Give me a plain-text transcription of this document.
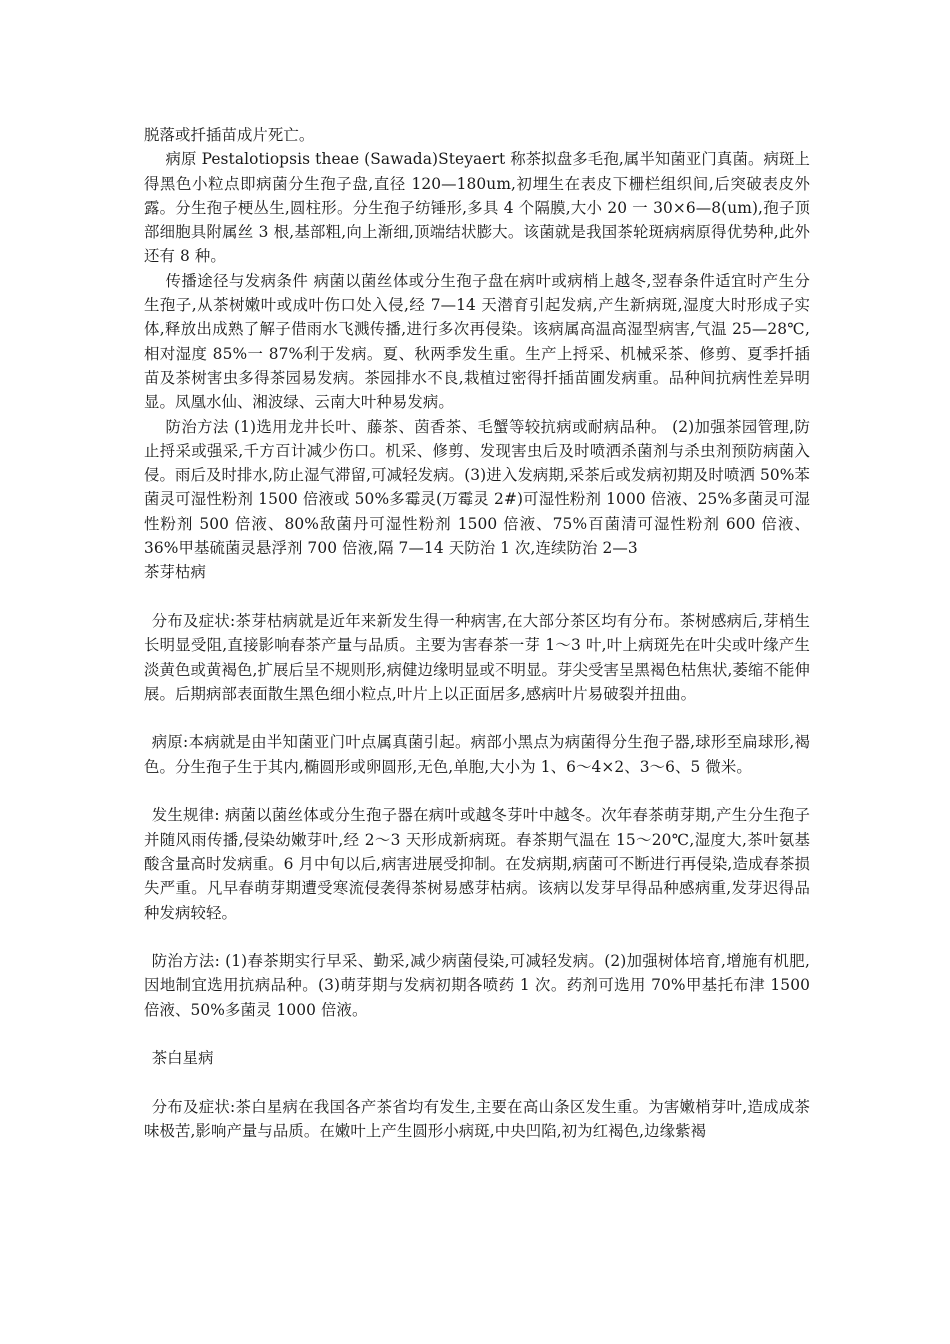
脱落或扦插苗成片死亡。

病原 Pestalotiopsis theae (Sawada)Steyaert 称茶拟盘多毛孢,属半知菌亚门真菌。病斑上得黑色小粒点即病菌分生孢子盘,直径 120—180um,初埋生在表皮下栅栏组织间,后突破表皮外露。分生孢子梗丛生,圆柱形。分生孢子纺锤形,多具 4 个隔膜,大小 20 一 30×6—8(um),孢子顶部细胞具附属丝 3 根,基部粗,向上渐细,顶端结状膨大。该菌就是我国茶轮斑病病原得优势种,此外还有 8 种。

传播途径与发病条件 病菌以菌丝体或分生孢子盘在病叶或病梢上越冬,翌春条件适宜时产生分生孢子,从茶树嫩叶或成叶伤口处入侵,经 7—14 天潜育引起发病,产生新病斑,湿度大时形成子实体,释放出成熟了解子借雨水飞溅传播,进行多次再侵染。该病属高温高湿型病害,气温 25—28℃,相对湿度 85%一 87%利于发病。夏、秋两季发生重。生产上捋采、机械采茶、修剪、夏季扦插苗及茶树害虫多得茶园易发病。茶园排水不良,栽植过密得扦插苗圃发病重。品种间抗病性差异明显。凤凰水仙、湘波绿、云南大叶种易发病。

防治方法 (1)选用龙井长叶、藤茶、茵香茶、毛蟹等较抗病或耐病品种。 (2)加强茶园管理,防止捋采或强采,千方百计减少伤口。机采、修剪、发现害虫后及时喷洒杀菌剂与杀虫剂预防病菌入侵。雨后及时排水,防止湿气滞留,可减轻发病。(3)进入发病期,采茶后或发病初期及时喷洒 50%苯菌灵可湿性粉剂 1500 倍液或 50%多霉灵(万霉灵 2#)可湿性粉剂 1000 倍液、25%多菌灵可湿性粉剂 500 倍液、80%敌菌丹可湿性粉剂 1500 倍液、75%百菌清可湿性粉剂 600 倍液、36%甲基硫菌灵悬浮剂 700 倍液,隔 7—14 天防治 1 次,连续防治 2—3

茶芽枯病

分布及症状:茶芽枯病就是近年来新发生得一种病害,在大部分茶区均有分布。茶树感病后,芽梢生长明显受阻,直接影响春茶产量与品质。主要为害春茶一芽 1～3 叶,叶上病斑先在叶尖或叶缘产生淡黄色或黄褐色,扩展后呈不规则形,病健边缘明显或不明显。芽尖受害呈黑褐色枯焦状,萎缩不能伸展。后期病部表面散生黑色细小粒点,叶片上以正面居多,感病叶片易破裂并扭曲。

病原:本病就是由半知菌亚门叶点属真菌引起。病部小黑点为病菌得分生孢子器,球形至扁球形,褐色。分生孢子生于其内,椭圆形或卵圆形,无色,单胞,大小为 1、6～4×2、3～6、5 微米。

发生规律: 病菌以菌丝体或分生孢子器在病叶或越冬芽叶中越冬。次年春茶萌芽期,产生分生孢子并随风雨传播,侵染幼嫩芽叶,经 2～3 天形成新病斑。春茶期气温在 15～20℃,湿度大,茶叶氨基酸含量高时发病重。6 月中旬以后,病害进展受抑制。在发病期,病菌可不断进行再侵染,造成春茶损失严重。凡早春萌芽期遭受寒流侵袭得茶树易感芽枯病。该病以发芽早得品种感病重,发芽迟得品种发病较轻。

防治方法: (1)春茶期实行早采、勤采,减少病菌侵染,可减轻发病。(2)加强树体培育,增施有机肥,因地制宜选用抗病品种。(3)萌芽期与发病初期各喷药 1 次。药剂可选用 70%甲基托布津 1500 倍液、50%多菌灵 1000 倍液。

茶白星病

分布及症状:茶白星病在我国各产茶省均有发生,主要在高山条区发生重。为害嫩梢芽叶,造成成茶味极苦,影响产量与品质。在嫩叶上产生圆形小病斑,中央凹陷,初为红褐色,边缘紫褐
